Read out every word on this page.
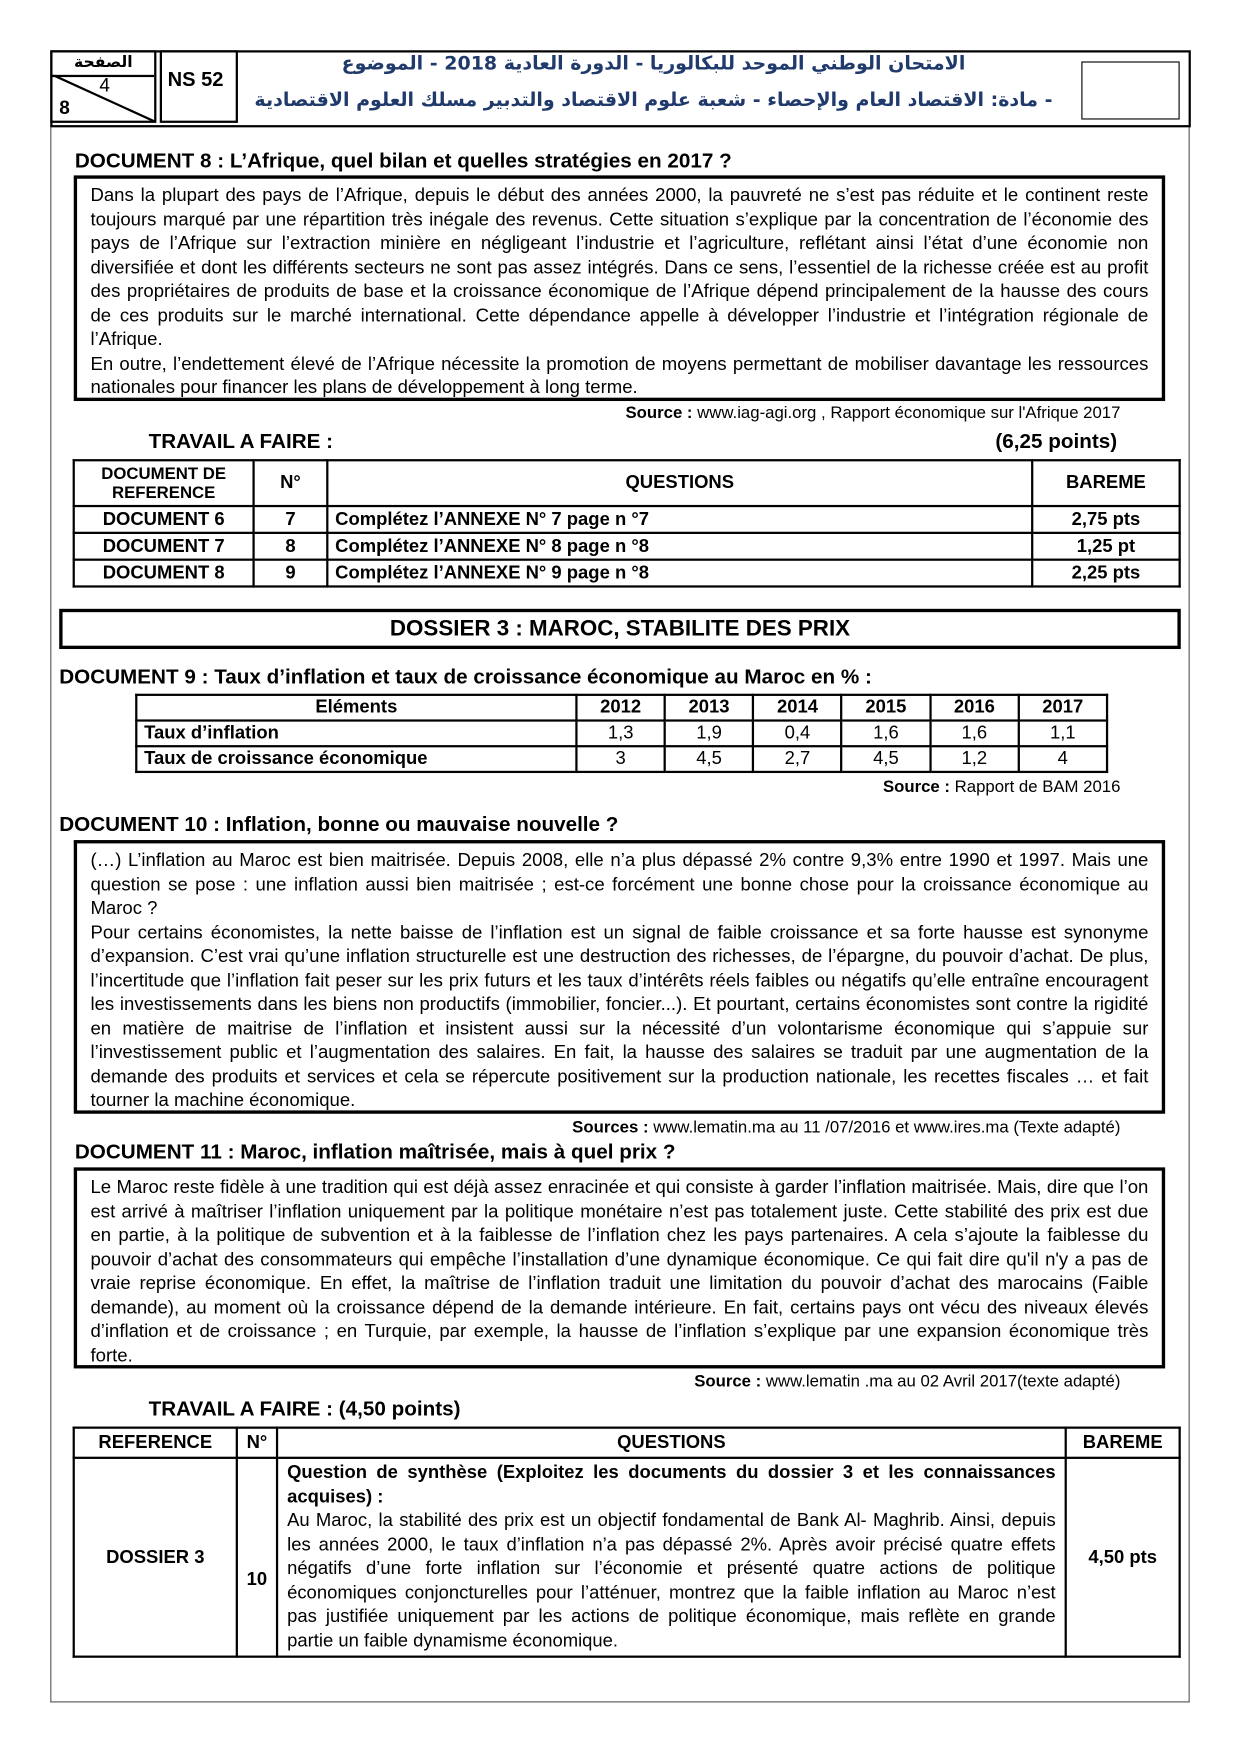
الصفحة
4
8
NS 52
الامتحان الوطني الموحد للبكالوريا - الدورة العادية 2018 - الموضوع
- مادة: الاقتصاد العام والإحصاء - شعبة علوم الاقتصاد والتدبير مسلك العلوم الاقتصادية
DOCUMENT 8 : L’Afrique, quel bilan et quelles stratégies en 2017 ?

Dans la plupart des pays de l’Afrique, depuis le début des années 2000, la pauvreté ne s’est pas réduite et le continent reste toujours marqué par une répartition très inégale des revenus. Cette situation s’explique par la concentration de l’économie des pays de l’Afrique sur l’extraction minière en négligeant l’industrie et l’agriculture, reflétant ainsi l’état d’une économie non diversifiée et dont les différents secteurs ne sont pas assez intégrés. Dans ce sens, l’essentiel de la richesse créée est au profit des propriétaires de produits de base et la croissance économique de l’Afrique dépend principalement de la hausse des cours de ces produits sur le marché international. Cette dépendance appelle à développer l’industrie et l’intégration régionale de l’Afrique.

En outre, l’endettement élevé de l’Afrique nécessite la promotion de moyens permettant de mobiliser davantage les ressources nationales pour financer les plans de développement à long terme.

Source : www.iag-agi.org , Rapport économique sur l'Afrique 2017
TRAVAIL A FAIRE :	(6,25 points)
DOCUMENT DE REFERENCE	N°	QUESTIONS	BAREME
DOCUMENT 6	7	Complétez l’ANNEXE N° 7 page n °7	2,75 pts
DOCUMENT 7	8	Complétez l’ANNEXE N° 8 page n °8	1,25 pt
DOCUMENT 8	9	Complétez l’ANNEXE N° 9 page n °8	2,25 pts
DOSSIER 3 : MAROC, STABILITE DES PRIX
DOCUMENT 9 : Taux d’inflation et taux de croissance économique au Maroc en % :
Eléments	2012	2013	2014	2015	2016	2017
Taux d’inflation	1,3	1,9	0,4	1,6	1,6	1,1
Taux de croissance économique	3	4,5	2,7	4,5	1,2	4
Source : Rapport de BAM 2016
DOCUMENT 10 : Inflation, bonne ou mauvaise nouvelle ?

(…) L’inflation au Maroc est bien maitrisée. Depuis 2008, elle n’a plus dépassé 2% contre 9,3% entre 1990 et 1997. Mais une question se pose : une inflation aussi bien maitrisée ; est-ce forcément une bonne chose pour la croissance économique au Maroc ?

Pour certains économistes, la nette baisse de l’inflation est un signal de faible croissance et sa forte hausse est synonyme d’expansion. C’est vrai qu’une inflation structurelle est une destruction des richesses, de l’épargne, du pouvoir d’achat. De plus, l’incertitude que l’inflation fait peser sur les prix futurs et les taux d’intérêts réels faibles ou négatifs qu’elle entraîne encouragent les investissements dans les biens non productifs (immobilier, foncier...). Et pourtant, certains économistes sont contre la rigidité en matière de maitrise de l’inflation et insistent aussi sur la nécessité d’un volontarisme économique qui s’appuie sur l’investissement public et l’augmentation des salaires. En fait, la hausse des salaires se traduit par une augmentation de la demande des produits et services et cela se répercute positivement sur la production nationale, les recettes fiscales … et fait tourner la machine économique.

Sources : www.lematin.ma au 11 /07/2016 et www.ires.ma (Texte adapté)
DOCUMENT 11 : Maroc, inflation maîtrisée, mais à quel prix ?

Le Maroc reste fidèle à une tradition qui est déjà assez enracinée et qui consiste à garder l’inflation maitrisée. Mais, dire que l’on est arrivé à maîtriser l’inflation uniquement par la politique monétaire n’est pas totalement juste. Cette stabilité des prix est due en partie, à la politique de subvention et à la faiblesse de l’inflation chez les pays partenaires. A cela s’ajoute la faiblesse du pouvoir d’achat des consommateurs qui empêche l’installation d’une dynamique économique. Ce qui fait dire qu'il n'y a pas de vraie reprise économique. En effet, la maîtrise de l’inflation traduit une limitation du pouvoir d’achat des marocains (Faible demande), au moment où la croissance dépend de la demande intérieure. En fait, certains pays ont vécu des niveaux élevés d’inflation et de croissance ; en Turquie, par exemple, la hausse de l’inflation s’explique par une expansion économique très forte.

Source : www.lematin .ma au 02 Avril 2017(texte adapté)
TRAVAIL A FAIRE : (4,50 points)
REFERENCE	N°	QUESTIONS	BAREME
DOSSIER 3	10	Question de synthèse (Exploitez les documents du dossier 3 et les connaissances acquises) :
Au Maroc, la stabilité des prix est un objectif fondamental de Bank Al- Maghrib. Ainsi, depuis les années 2000, le taux d’inflation n’a pas dépassé 2%. Après avoir précisé quatre effets négatifs d’une forte inflation sur l’économie et présenté quatre actions de politique économiques conjoncturelles pour l’atténuer, montrez que la faible inflation au Maroc n’est pas justifiée uniquement par les actions de politique économique, mais reflète en grande partie un faible dynamisme économique.	4,50 pts
